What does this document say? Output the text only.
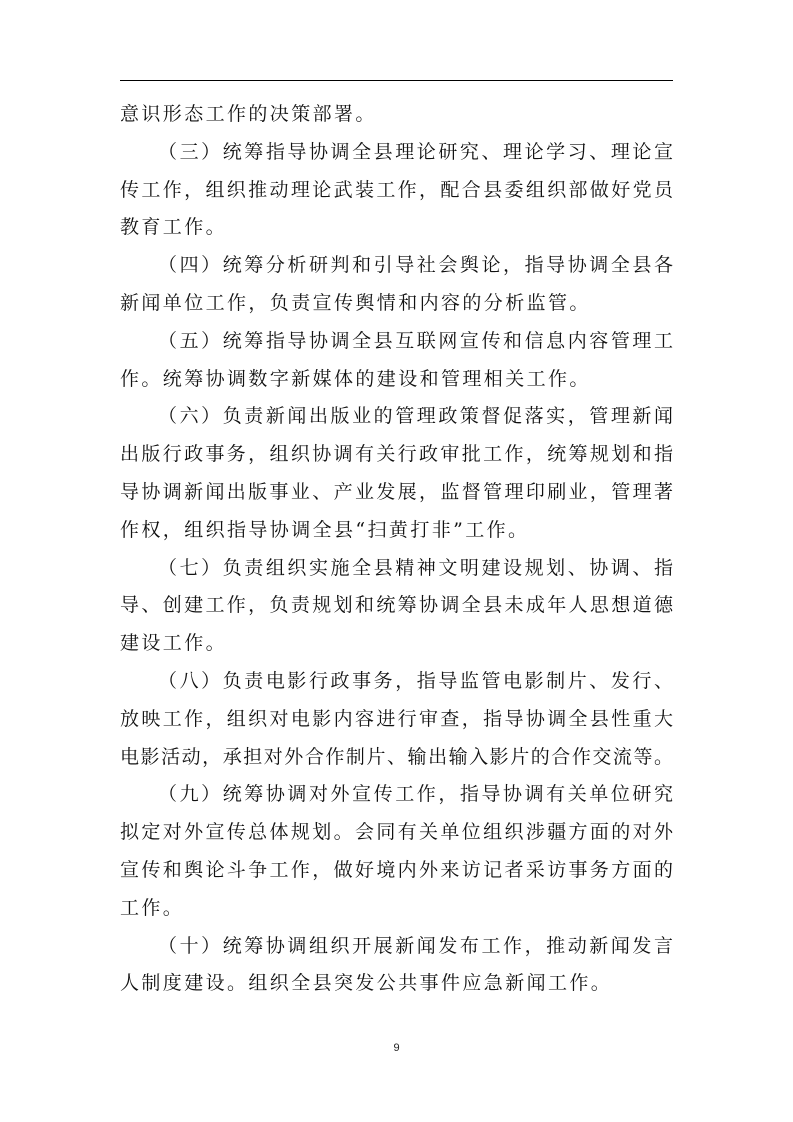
意识形态工作的决策部署。
（三）统筹指导协调全县理论研究、理论学习、理论宣
传工作，组织推动理论武装工作，配合县委组织部做好党员
教育工作。
（四）统筹分析研判和引导社会舆论，指导协调全县各
新闻单位工作，负责宣传舆情和内容的分析监管。
（五）统筹指导协调全县互联网宣传和信息内容管理工
作。统筹协调数字新媒体的建设和管理相关工作。
（六）负责新闻出版业的管理政策督促落实，管理新闻
出版行政事务，组织协调有关行政审批工作，统筹规划和指
导协调新闻出版事业、产业发展，监督管理印刷业，管理著
作权，组织指导协调全县“扫黄打非”工作。
（七）负责组织实施全县精神文明建设规划、协调、指
导、创建工作，负责规划和统筹协调全县未成年人思想道德
建设工作。
（八）负责电影行政事务，指导监管电影制片、发行、
放映工作，组织对电影内容进行审查，指导协调全县性重大
电影活动，承担对外合作制片、输出输入影片的合作交流等。
（九）统筹协调对外宣传工作，指导协调有关单位研究
拟定对外宣传总体规划。会同有关单位组织涉疆方面的对外
宣传和舆论斗争工作，做好境内外来访记者采访事务方面的
工作。
（十）统筹协调组织开展新闻发布工作，推动新闻发言
人制度建设。组织全县突发公共事件应急新闻工作。
9
